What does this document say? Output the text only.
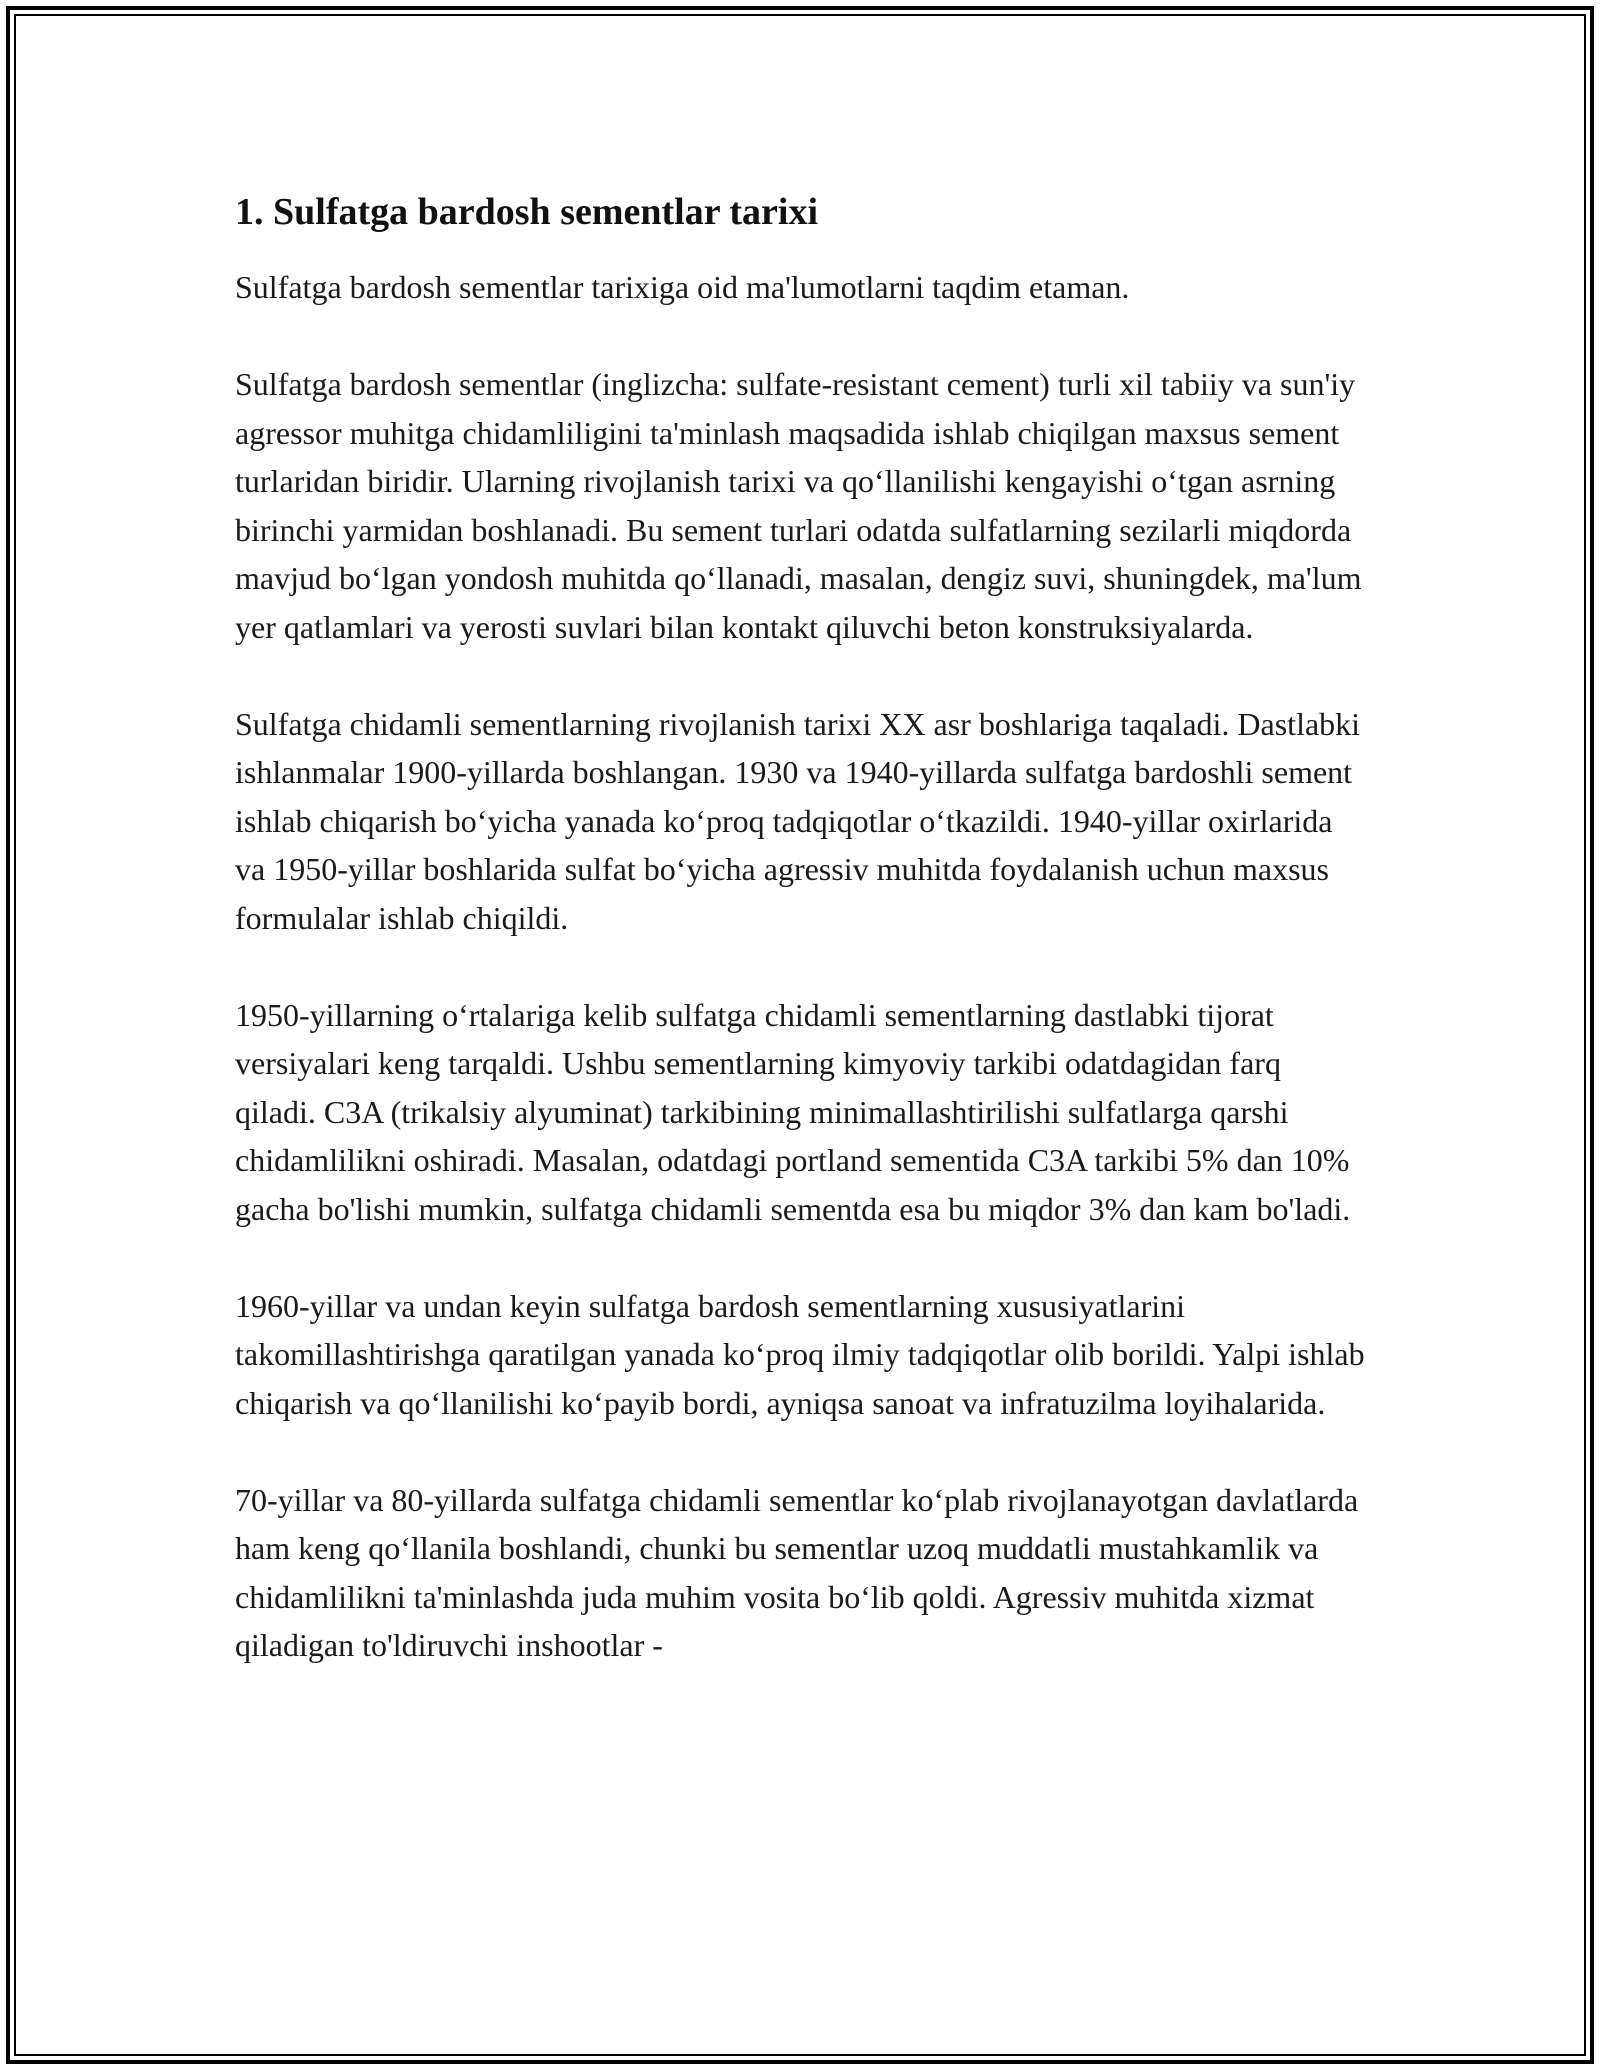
1. Sulfatga bardosh sementlar tarixi

Sulfatga bardosh sementlar tarixiga oid ma'lumotlarni taqdim etaman.

Sulfatga bardosh sementlar (inglizcha: sulfate-resistant cement) turli xil tabiiy va sun'iy agressor muhitga chidamliligini ta'minlash maqsadida ishlab chiqilgan maxsus sement turlaridan biridir. Ularning rivojlanish tarixi va qo‘llanilishi kengayishi o‘tgan asrning birinchi yarmidan boshlanadi. Bu sement turlari odatda sulfatlarning sezilarli miqdorda mavjud bo‘lgan yondosh muhitda qo‘llanadi, masalan, dengiz suvi, shuningdek, ma'lum yer qatlamlari va yerosti suvlari bilan kontakt qiluvchi beton konstruksiyalarda.

Sulfatga chidamli sementlarning rivojlanish tarixi XX asr boshlariga taqaladi. Dastlabki ishlanmalar 1900-yillarda boshlangan. 1930 va 1940-yillarda sulfatga bardoshli sement ishlab chiqarish bo‘yicha yanada ko‘proq tadqiqotlar o‘tkazildi. 1940-yillar oxirlarida va 1950-yillar boshlarida sulfat bo‘yicha agressiv muhitda foydalanish uchun maxsus formulalar ishlab chiqildi.

1950-yillarning o‘rtalariga kelib sulfatga chidamli sementlarning dastlabki tijorat versiyalari keng tarqaldi. Ushbu sementlarning kimyoviy tarkibi odatdagidan farq qiladi. C3A (trikalsiy alyuminat) tarkibining minimallashtirilishi sulfatlarga qarshi chidamlilikni oshiradi. Masalan, odatdagi portland sementida C3A tarkibi 5% dan 10% gacha bo'lishi mumkin, sulfatga chidamli sementda esa bu miqdor 3% dan kam bo'ladi.

1960-yillar va undan keyin sulfatga bardosh sementlarning xususiyatlarini takomillashtirishga qaratilgan yanada ko‘proq ilmiy tadqiqotlar olib borildi. Yalpi ishlab chiqarish va qo‘llanilishi ko‘payib bordi, ayniqsa sanoat va infratuzilma loyihalarida.

70-yillar va 80-yillarda sulfatga chidamli sementlar ko‘plab rivojlanayotgan davlatlarda ham keng qo‘llanila boshlandi, chunki bu sementlar uzoq muddatli mustahkamlik va chidamlilikni ta'minlashda juda muhim vosita bo‘lib qoldi. Agressiv muhitda xizmat qiladigan to'ldiruvchi inshootlar -
